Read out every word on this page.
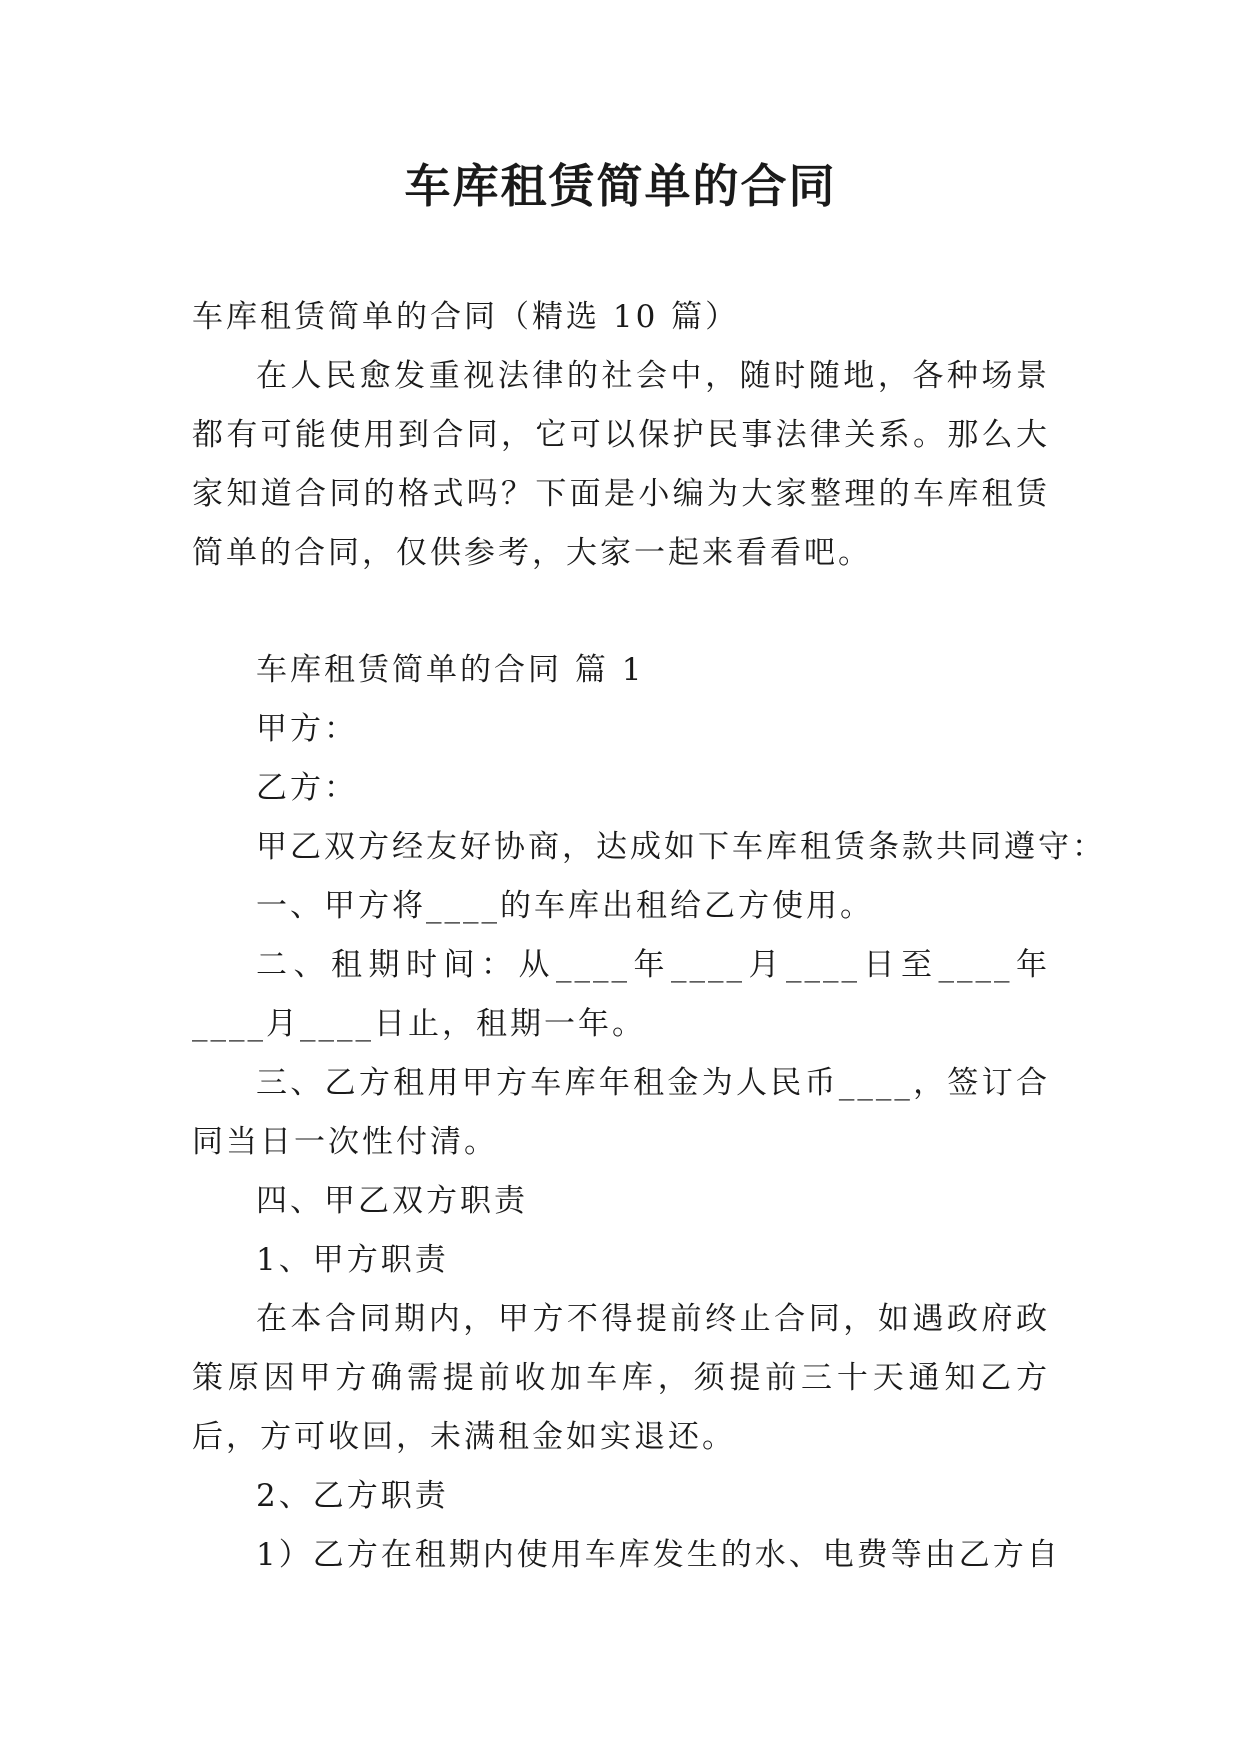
车库租赁简单的合同

车库租赁简单的合同（精选 10 篇）

在人民愈发重视法律的社会中，随时随地，各种场景都有可能使用到合同，它可以保护民事法律关系。那么大家知道合同的格式吗？下面是小编为大家整理的车库租赁简单的合同，仅供参考，大家一起来看看吧。

车库租赁简单的合同 篇 1

甲方：

乙方：

甲乙双方经友好协商，达成如下车库租赁条款共同遵守：

一、甲方将____的车库出租给乙方使用。

二、租期时间：从____年____月____日至____年____月____日止，租期一年。

三、乙方租用甲方车库年租金为人民币____，签订合同当日一次性付清。

四、甲乙双方职责

1、甲方职责

在本合同期内，甲方不得提前终止合同，如遇政府政策原因甲方确需提前收加车库，须提前三十天通知乙方后，方可收回，未满租金如实退还。

2、乙方职责

1）乙方在租期内使用车库发生的水、电费等由乙方自
